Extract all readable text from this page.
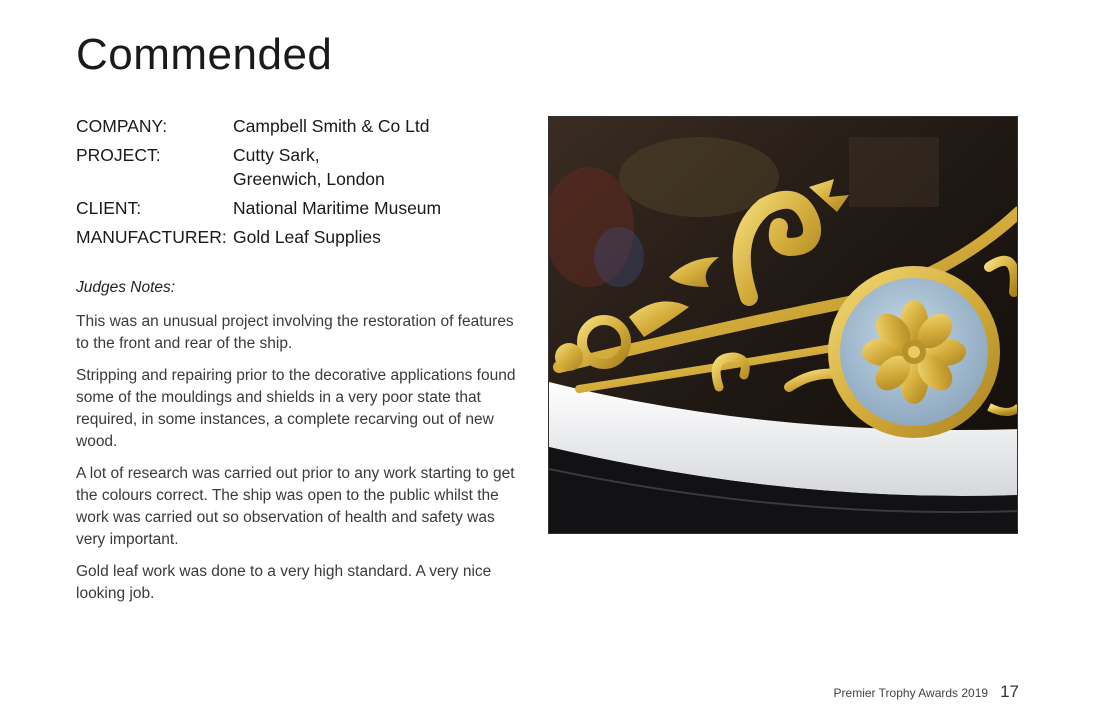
Commended
COMPANY:	Campbell Smith & Co Ltd
PROJECT:	Cutty Sark,
Greenwich, London
CLIENT:	National Maritime Museum
MANUFACTURER: Gold Leaf Supplies
Judges Notes:

This was an unusual project involving the restoration of features to the front and rear of the ship.

Stripping and repairing prior to the decorative applications found some of the mouldings and shields in a very poor state that required, in some instances, a complete recarving out of new wood.

A lot of research was carried out prior to any work starting to get the colours correct. The ship was open to the public whilst the work was carried out so observation of health and safety was very important.

Gold leaf work was done to a very high standard. A very nice looking job.

Premier Trophy Awards 2019 17
